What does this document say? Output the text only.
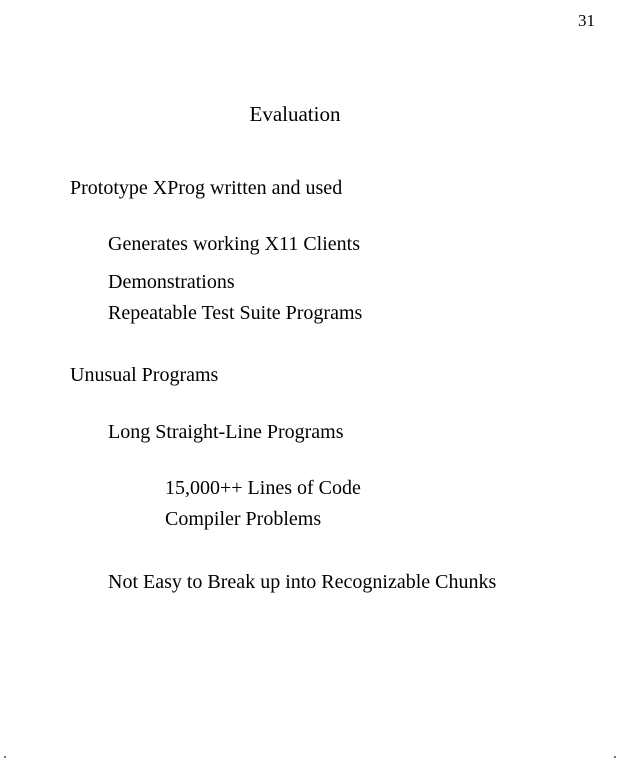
31
Evaluation
Prototype XProg written and used
Generates working X11 Clients
Demonstrations
Repeatable Test Suite Programs
Unusual Programs
Long Straight-Line Programs
15,000++ Lines of Code
Compiler Problems
Not Easy to Break up into Recognizable Chunks
